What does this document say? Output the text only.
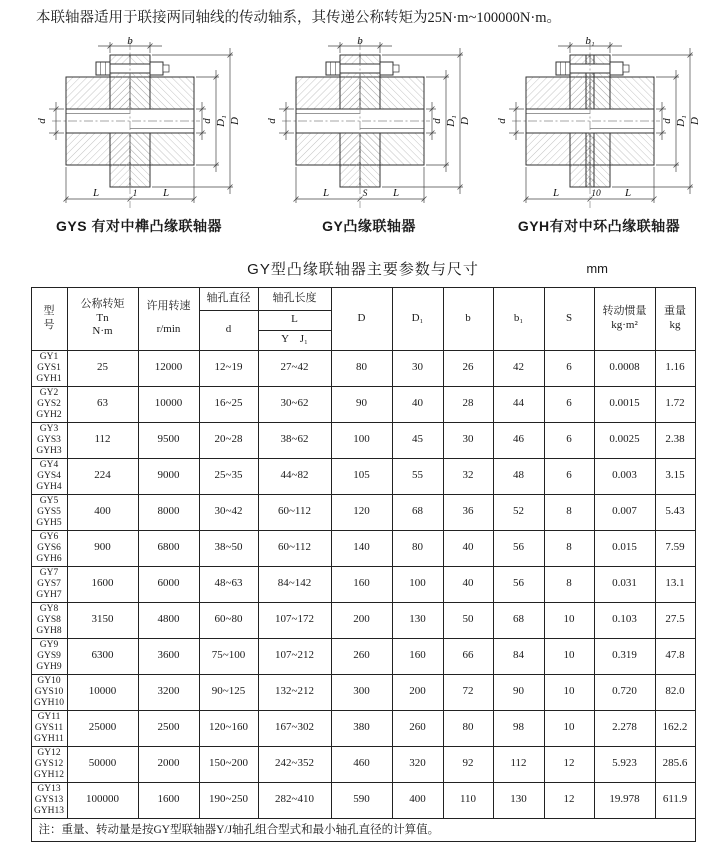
本联轴器适用于联接两同轴线的传动轴系，其传递公称转矩为25N·m~100000N·m。

b
d	d D₁ D
L	1 L
GYS 有对中榫凸缘联轴器
b
d	d D₁ D
L	S L
GY凸缘联轴器
b₁
d	d D₁ D
L	10 L
GYH有对中环凸缘联轴器
GY型凸缘联轴器主要参数与尺寸	mm
型
号

公称转矩
Tn
N·m

许用转速
r/min
	轴孔直径	轴孔长度	D	D₁	b	b₁	S	
转动惯量
kg·m²

重量
kg

			d	L							
				Y　J₁							

GY1
GYS1
GYH1	25	12000	12~19	27~42	80	30	26	42	6	0.0008	1.16

GY2
GYS2
GYH2	63	10000	16~25	30~62	90	40	28	44	6	0.0015	1.72

GY3
GYS3
GYH3	112	9500	20~28	38~62	100	45	30	46	6	0.0025	2.38

GY4
GYS4
GYH4	224	9000	25~35	44~82	105	55	32	48	6	0.003	3.15

GY5
GYS5
GYH5	400	8000	30~42	60~112	120	68	36	52	8	0.007	5.43

GY6
GYS6
GYH6	900	6800	38~50	60~112	140	80	40	56	8	0.015	7.59

GY7
GYS7
GYH7	1600	6000	48~63	84~142	160	100	40	56	8	0.031	13.1

GY8
GYS8
GYH8	3150	4800	60~80	107~172	200	130	50	68	10	0.103	27.5

GY9
GYS9
GYH9	6300	3600	75~100	107~212	260	160	66	84	10	0.319	47.8

GY10
GYS10
GYH10	10000	3200	90~125	132~212	300	200	72	90	10	0.720	82.0

GY11
GYS11
GYH11	25000	2500	120~160	167~302	380	260	80	98	10	2.278	162.2

GY12
GYS12
GYH12	50000	2000	150~200	242~352	460	320	92	112	12	5.923	285.6

GY13
GYS13
GYH13	100000	1600	190~250	282~410	590	400	110	130	12	19.978	611.9
注：重量、转动量是按GY型联轴器Y/J轴孔组合型式和最小轴孔直径的计算值。											
